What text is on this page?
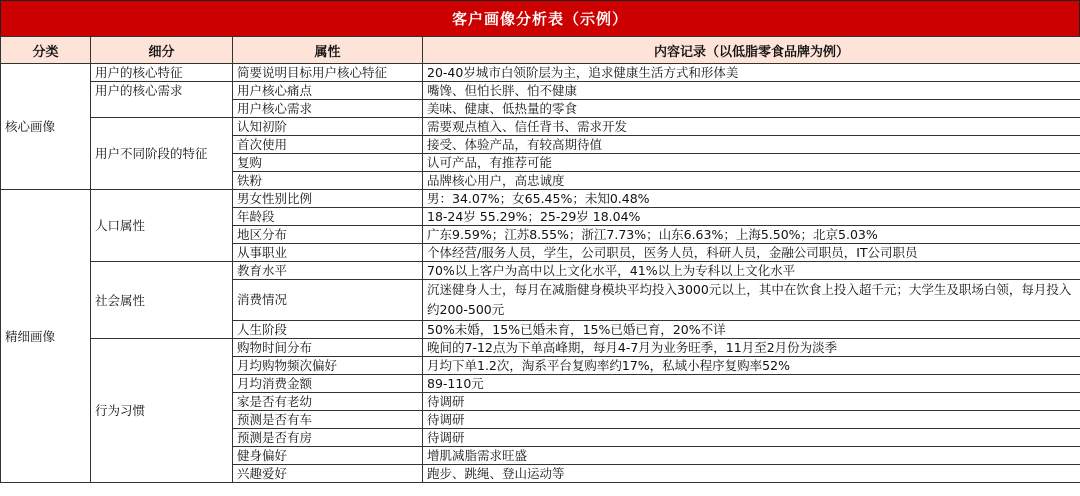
客户画像分析表（示例）
分类	细分	属性	内容记录（以低脂零食品牌为例）
核心画像	用户的核心特征	简要说明目标用户核心特征	20-40岁城市白领阶层为主，追求健康生活方式和形体美
	用户的核心需求	用户核心痛点	嘴馋、但怕长胖、怕不健康
		用户核心需求	美味、健康、低热量的零食
	用户不同阶段的特征	认知初阶	需要观点植入、信任背书、需求开发
		首次使用	接受、体验产品，有较高期待值
		复购	认可产品，有推荐可能
		铁粉	品牌核心用户，高忠诚度
精细画像	人口属性	男女性别比例	男：34.07%；女65.45%；未知0.48%
		年龄段	18-24岁 55.29%；25-29岁 18.04%
		地区分布	广东9.59%；江苏8.55%；浙江7.73%；山东6.63%；上海5.50%；北京5.03%
		从事职业	个体经营/服务人员，学生，公司职员，医务人员，科研人员，金融公司职员，IT公司职员
	社会属性	教育水平	70%以上客户为高中以上文化水平，41%以上为专科以上文化水平
		消费情况	沉迷健身人士，每月在减脂健身模块平均投入3000元以上，其中在饮食上投入超千元；大学生及职场白领，每月投入约200-500元
		人生阶段	50%未婚，15%已婚未育，15%已婚已育，20%不详
	行为习惯	购物时间分布	晚间的7-12点为下单高峰期，每月4-7月为业务旺季，11月至2月份为淡季
		月均购物频次偏好	月均下单1.2次，淘系平台复购率约17%，私域小程序复购率52%
		月均消费金额	89-110元
		家是否有老幼	待调研
		预测是否有车	待调研
		预测是否有房	待调研
		健身偏好	增肌减脂需求旺盛
		兴趣爱好	跑步、跳绳、登山运动等
